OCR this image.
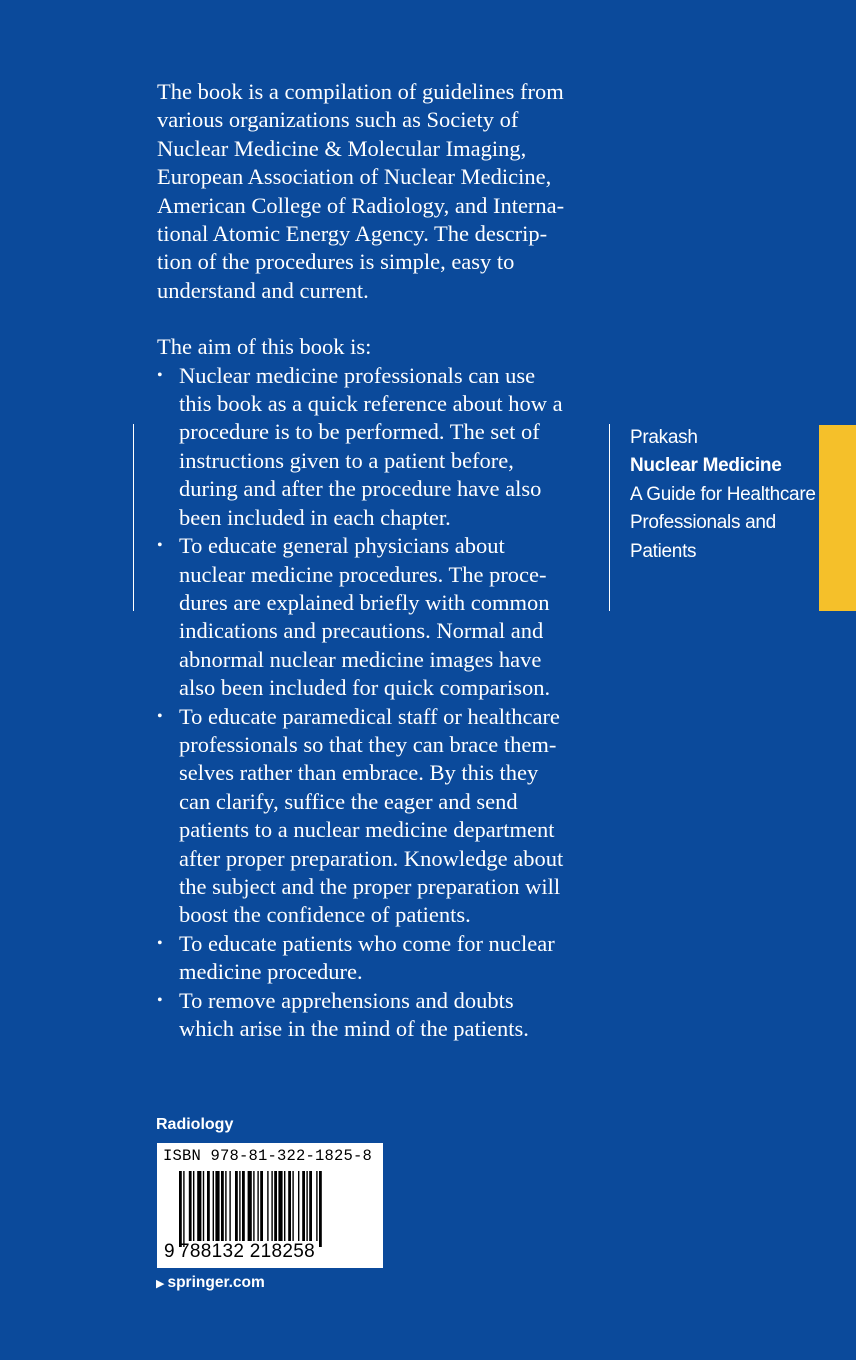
The book is a compilation of guidelines from
various organizations such as Society of
Nuclear Medicine & Molecular Imaging,
European Association of Nuclear Medicine,
American College of Radiology, and Interna-
tional Atomic Energy Agency. The descrip-
tion of the procedures is simple, easy to
understand and current.

The aim of this book is:

• Nuclear medicine professionals can use
this book as a quick reference about how a
procedure is to be performed. The set of
instructions given to a patient before,
during and after the procedure have also
been included in each chapter.
• To educate general physicians about
nuclear medicine procedures. The proce-
dures are explained briefly with common
indications and precautions. Normal and
abnormal nuclear medicine images have
also been included for quick comparison.
• To educate paramedical staff or healthcare
professionals so that they can brace them-
selves rather than embrace. By this they
can clarify, suffice the eager and send
patients to a nuclear medicine department
after proper preparation. Knowledge about
the subject and the proper preparation will
boost the confidence of patients.
• To educate patients who come for nuclear
medicine procedure.
• To remove apprehensions and doubts
which arise in the mind of the patients.
Prakash
Nuclear Medicine
A Guide for Healthcare
Professionals and
Patients
Radiology
ISBN 978-81-322-1825-8
9 788132 218258
▶ springer.com
